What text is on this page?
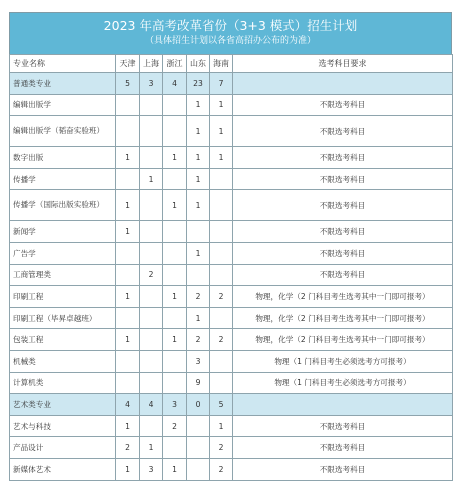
2023 年高考改革省份（3+3 模式）招生计划
（具体招生计划以各省高招办公布的为准）
专业名称	天津	上海	浙江	山东	海南	选考科目要求
普通类专业	5	3	4	23	7	
编辑出版学				1	1	不限选考科目
编辑出版学（韬奋实验班）				1	1	不限选考科目
数字出版	1		1	1	1	不限选考科目
传播学		1		1		不限选考科目
传播学（国际出版实验班）	1		1	1		不限选考科目
新闻学	1					不限选考科目
广告学				1		不限选考科目
工商管理类		2				不限选考科目
印刷工程	1		1	2	2	物理，化学（2 门科目考生选考其中一门即可报考）
印刷工程（毕昇卓越班）				1		物理，化学（2 门科目考生选考其中一门即可报考）
包装工程	1		1	2	2	物理，化学（2 门科目考生选考其中一门即可报考）
机械类				3		物理（1 门科目考生必须选考方可报考）
计算机类				9		物理（1 门科目考生必须选考方可报考）
艺术类专业	4	4	3	0	5	
艺术与科技	1		2		1	不限选考科目
产品设计	2	1			2	不限选考科目
新媒体艺术	1	3	1		2	不限选考科目
